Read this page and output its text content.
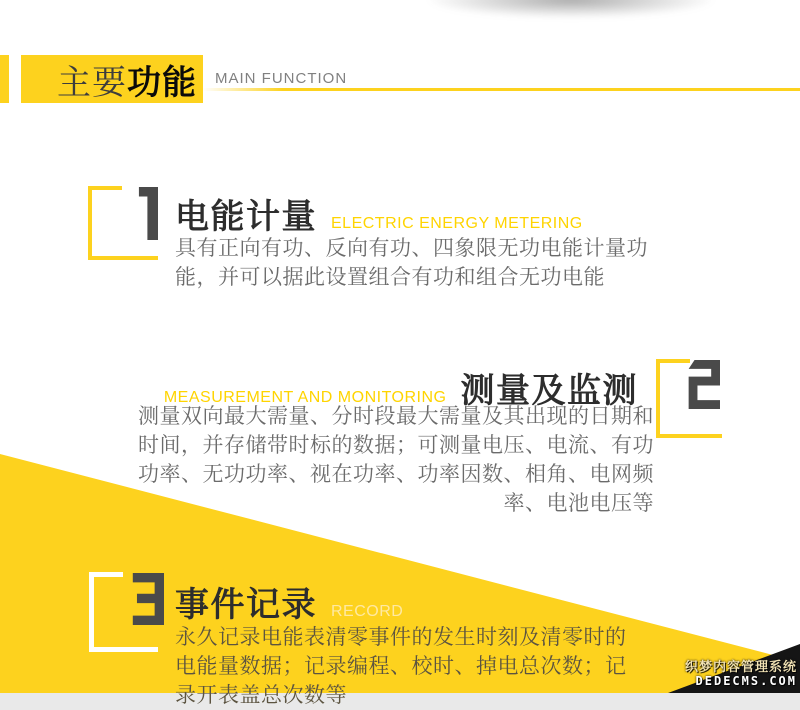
主要 功能 MAIN FUNCTION
电能计量 ELECTRIC ENERGY METERING
具有正向有功、反向有功、四象限无功电能计量功
能，并可以据此设置组合有功和组合无功电能
MEASUREMENT AND MONITORING 测量及监测
测量双向最大需量、分时段最大需量及其出现的日期和
时间，并存储带时标的数据；可测量电压、电流、有功
功率、无功功率、视在功率、功率因数、相角、电网频
率、电池电压等
事件记录 RECORD
永久记录电能表清零事件的发生时刻及清零时的
电能量数据；记录编程、校时、掉电总次数；记
录开表盖总次数等
织梦内容管理系统
DEDECMS.COM
